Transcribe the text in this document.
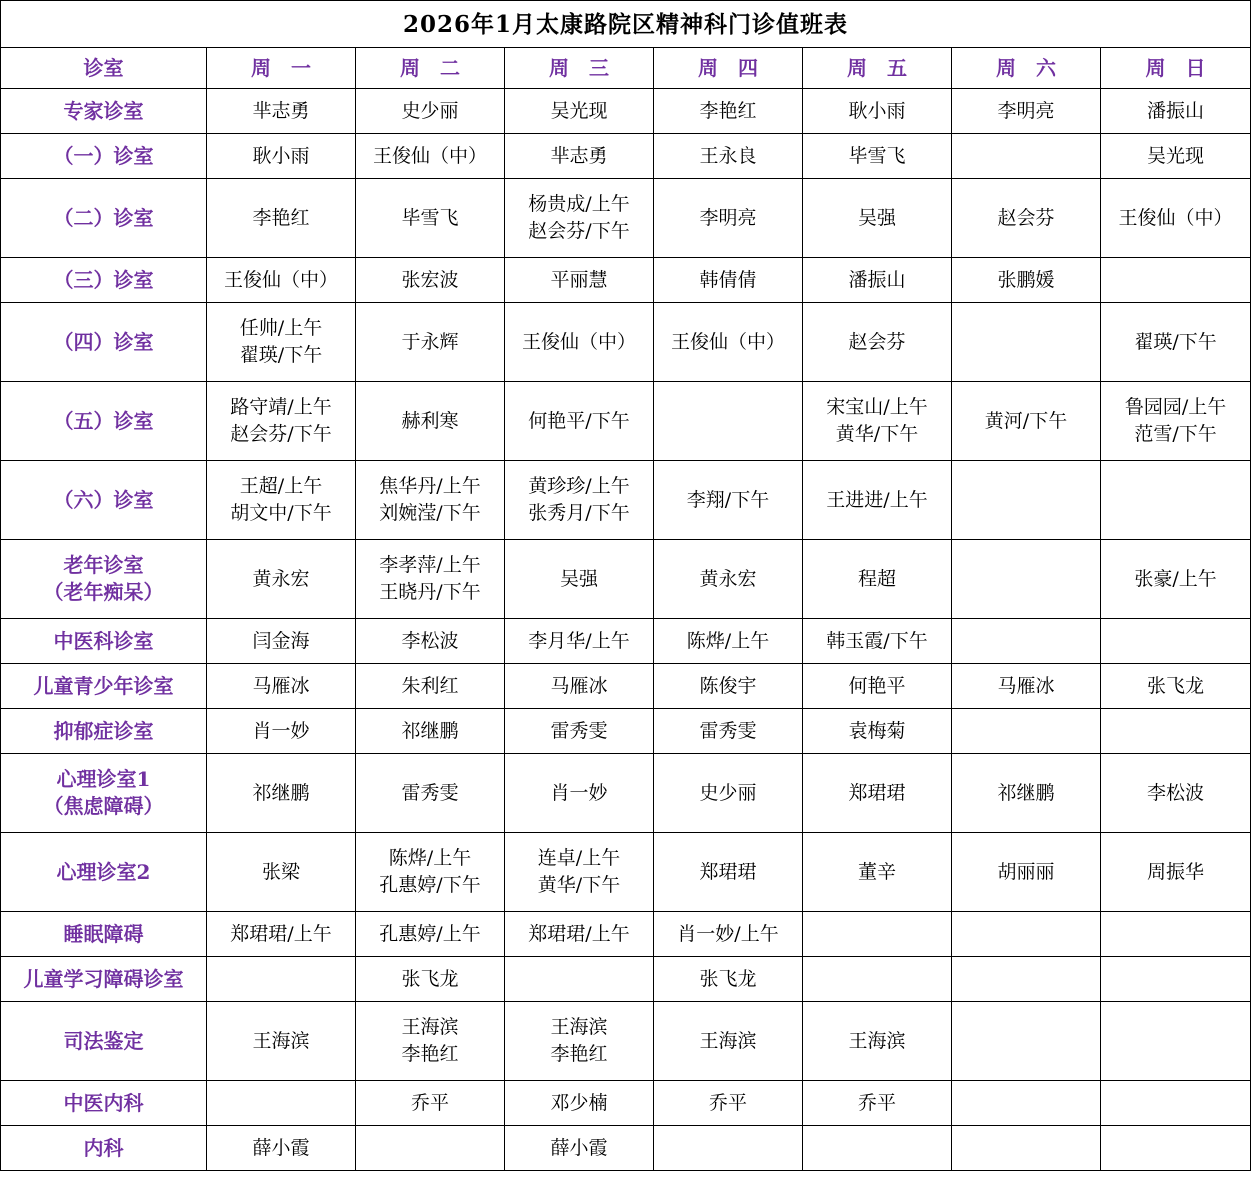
2026年1月太康路院区精神科门诊值班表							
诊室	周　一	周　二	周　三	周　四	周　五	周　六	周　日

专家诊室	芈志勇	史少丽	吴光现	李艳红	耿小雨	李明亮	潘振山

（一）诊室	耿小雨	王俊仙（中）	芈志勇	王永良	毕雪飞		吴光现

（二）诊室	李艳红	毕雪飞	杨贵成/上午
赵会芬/下午	李明亮	吴强	赵会芬	王俊仙（中）

（三）诊室	王俊仙（中）	张宏波	平丽慧	韩倩倩	潘振山	张鹏媛	

（四）诊室	任帅/上午
翟瑛/下午	于永辉	王俊仙（中）	王俊仙（中）	赵会芬		翟瑛/下午

（五）诊室	路守靖/上午
赵会芬/下午	赫利寒	何艳平/下午		宋宝山/上午
黄华/下午	黄河/下午	鲁园园/上午
范雪/下午

（六）诊室	王超/上午
胡文中/下午	焦华丹/上午
刘婉滢/下午	黄珍珍/上午
张秀月/下午	李翔/下午	王进进/上午		

老年诊室
（老年痴呆）	黄永宏	李孝萍/上午
王晓丹/下午	吴强	黄永宏	程超		张豪/上午

中医科诊室	闫金海	李松波	李月华/上午	陈烨/上午	韩玉霞/下午		

儿童青少年诊室	马雁冰	朱利红	马雁冰	陈俊宇	何艳平	马雁冰	张飞龙

抑郁症诊室	肖一妙	祁继鹏	雷秀雯	雷秀雯	袁梅菊		

心理诊室1
（焦虑障碍）	祁继鹏	雷秀雯	肖一妙	史少丽	郑珺珺	祁继鹏	李松波

心理诊室2	张梁	陈烨/上午
孔惠婷/下午	连卓/上午
黄华/下午	郑珺珺	董辛	胡丽丽	周振华

睡眠障碍	郑珺珺/上午	孔惠婷/上午	郑珺珺/上午	肖一妙/上午			

儿童学习障碍诊室		张飞龙		张飞龙			

司法鉴定	王海滨	王海滨
李艳红	王海滨
李艳红	王海滨	王海滨		

中医内科		乔平	邓少楠	乔平	乔平		

内科	薛小霞		薛小霞				
